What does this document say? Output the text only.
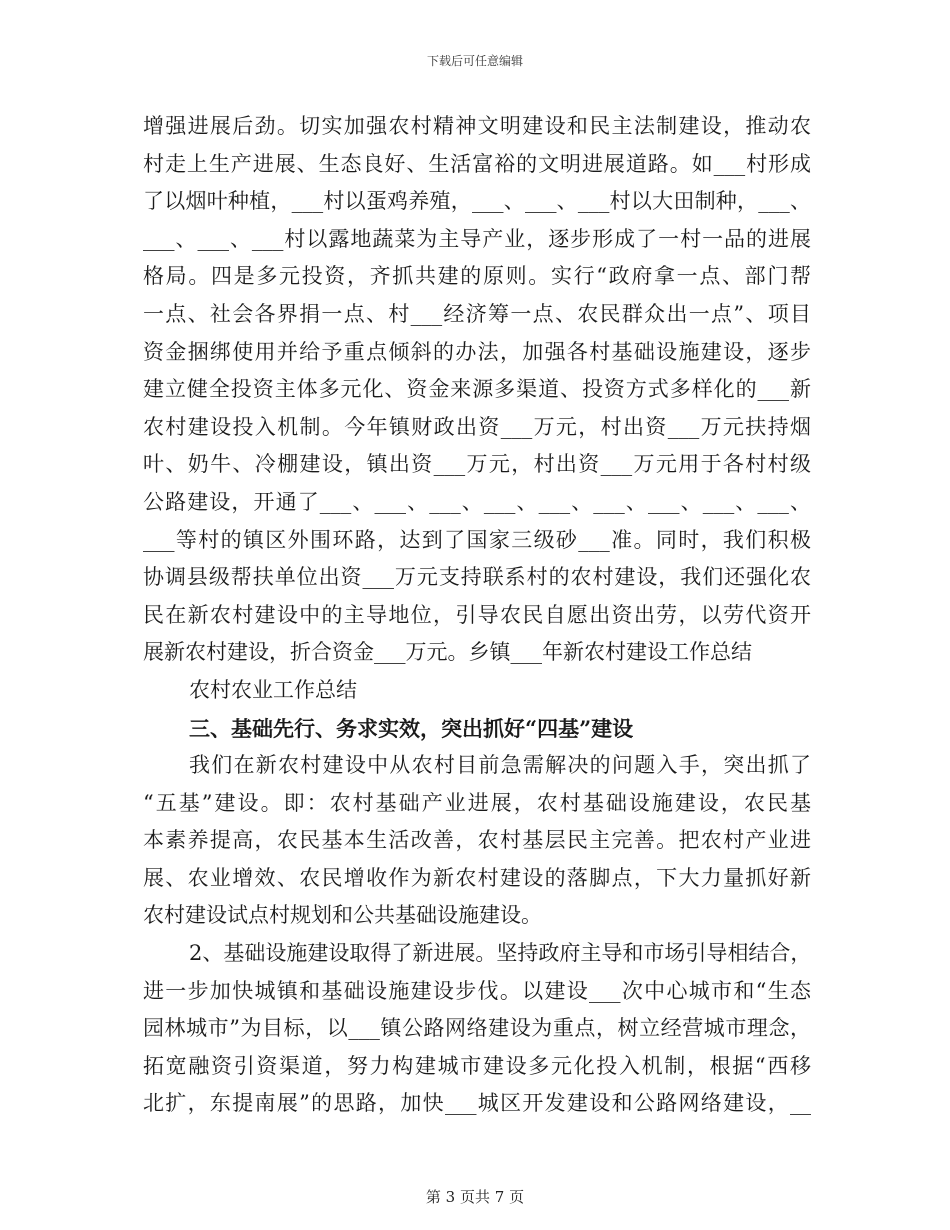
下载后可任意编辑
增强进展后劲。切实加强农村精神文明建设和民主法制建设，推动农
村走上生产进展、生态良好、生活富裕的文明进展道路。如___村形成
了以烟叶种植，___村以蛋鸡养殖，___、___、___村以大田制种，___、
___、___、___村以露地蔬菜为主导产业，逐步形成了一村一品的进展
格局。四是多元投资，齐抓共建的原则。实行“政府拿一点、部门帮
一点、社会各界捐一点、村___经济筹一点、农民群众出一点”、项目
资金捆绑使用并给予重点倾斜的办法，加强各村基础设施建设，逐步
建立健全投资主体多元化、资金来源多渠道、投资方式多样化的___新
农村建设投入机制。今年镇财政出资___万元，村出资___万元扶持烟
叶、奶牛、冷棚建设，镇出资___万元，村出资___万元用于各村村级
公路建设，开通了___、___、___、___、___、___、___、___、___、
___等村的镇区外围环路，达到了国家三级砂___准。同时，我们积极
协调县级帮扶单位出资___万元支持联系村的农村建设，我们还强化农
民在新农村建设中的主导地位，引导农民自愿出资出劳，以劳代资开
展新农村建设，折合资金___万元。乡镇___年新农村建设工作总结
农村农业工作总结
三、基础先行、务求实效，突出抓好“四基”建设
我们在新农村建设中从农村目前急需解决的问题入手，突出抓了
“五基”建设。即：农村基础产业进展，农村基础设施建设，农民基
本素养提高，农民基本生活改善，农村基层民主完善。把农村产业进
展、农业增效、农民增收作为新农村建设的落脚点，下大力量抓好新
农村建设试点村规划和公共基础设施建设。
2、基础设施建设取得了新进展。坚持政府主导和市场引导相结合，
进一步加快城镇和基础设施建设步伐。以建设___次中心城市和“生态
园林城市”为目标，以___镇公路网络建设为重点，树立经营城市理念，
拓宽融资引资渠道，努力构建城市建设多元化投入机制，根据“西移
北扩，东提南展”的思路，加快___城区开发建设和公路网络建设，__
第 3 页共 7 页
